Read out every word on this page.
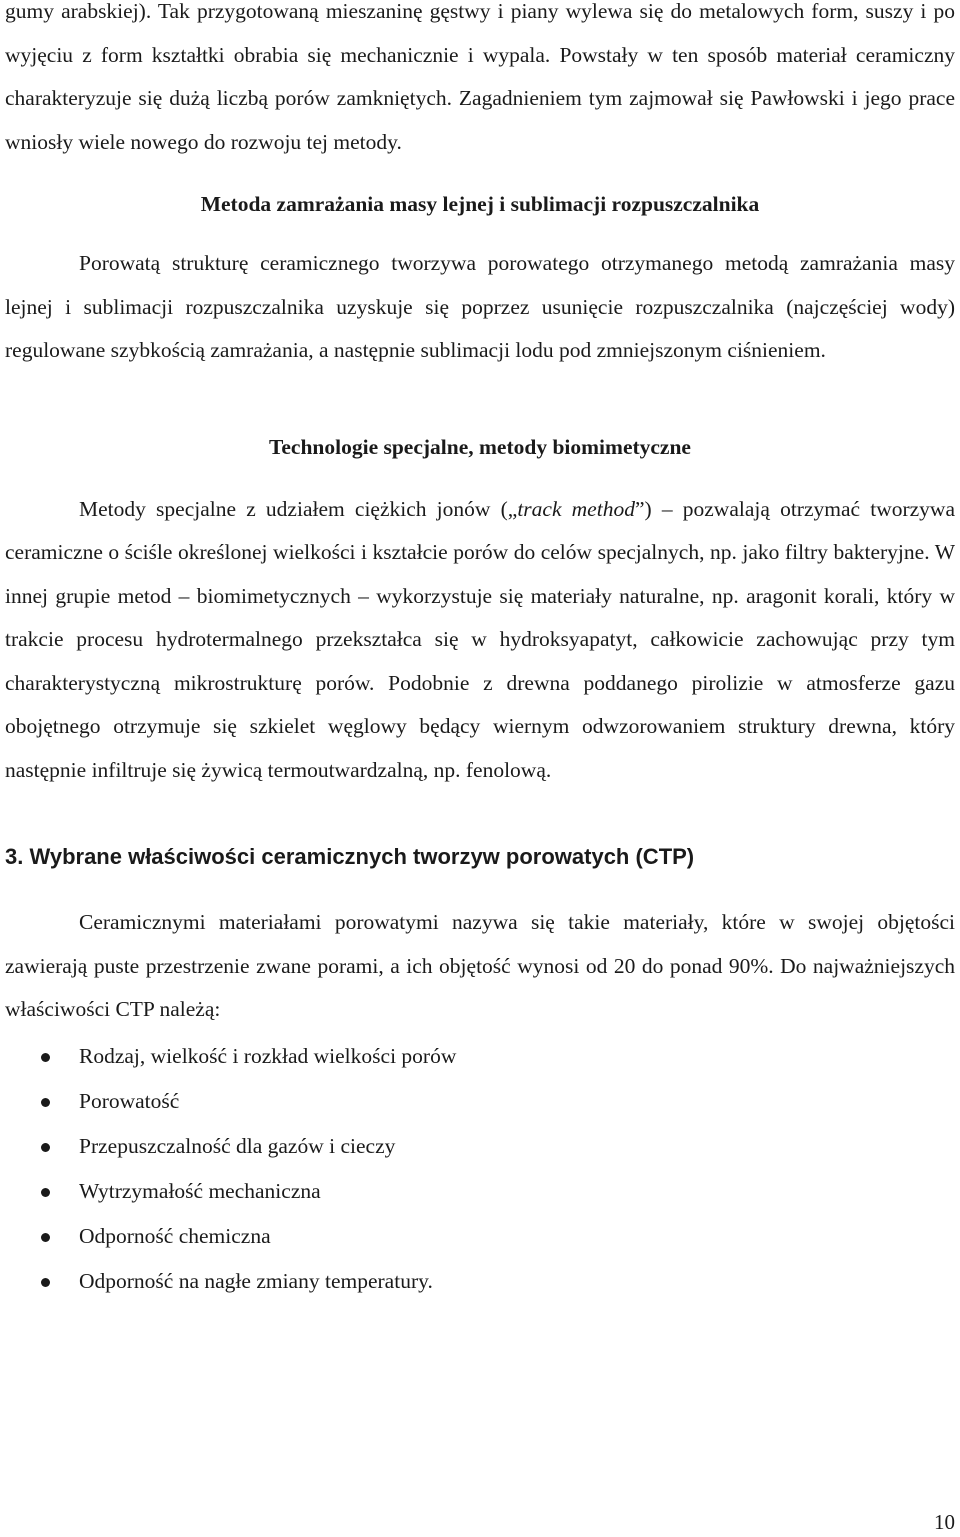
gumy arabskiej). Tak przygotowaną mieszaninę gęstwy i piany wylewa się do metalowych form, suszy i po wyjęciu z form kształtki obrabia się mechanicznie i wypala. Powstały w ten sposób materiał ceramiczny charakteryzuje się dużą liczbą porów zamkniętych. Zagadnieniem tym zajmował się Pawłowski i jego prace wniosły wiele nowego do rozwoju tej metody.

Metoda zamrażania masy lejnej i sublimacji rozpuszczalnika

Porowatą strukturę ceramicznego tworzywa porowatego otrzymanego metodą zamrażania masy lejnej i sublimacji rozpuszczalnika uzyskuje się poprzez usunięcie rozpuszczalnika (najczęściej wody) regulowane szybkością zamrażania, a następnie sublimacji lodu pod zmniejszonym ciśnieniem.

Technologie specjalne, metody biomimetyczne

Metody specjalne z udziałem ciężkich jonów („track method”) – pozwalają otrzymać tworzywa ceramiczne o ściśle określonej wielkości i kształcie porów do celów specjalnych, np. jako filtry bakteryjne. W innej grupie metod – biomimetycznych – wykorzystuje się materiały naturalne, np. aragonit korali, który w trakcie procesu hydrotermalnego przekształca się w hydroksyapatyt, całkowicie zachowując przy tym charakterystyczną mikrostrukturę porów. Podobnie z drewna poddanego pirolizie w atmosferze gazu obojętnego otrzymuje się szkielet węglowy będący wiernym odwzorowaniem struktury drewna, który następnie infiltruje się żywicą termoutwardzalną, np. fenolową.

3. Wybrane właściwości ceramicznych tworzyw porowatych (CTP)

Ceramicznymi materiałami porowatymi nazywa się takie materiały, które w swojej objętości zawierają puste przestrzenie zwane porami, a ich objętość wynosi od 20 do ponad 90%. Do najważniejszych właściwości CTP należą:

Rodzaj, wielkość i rozkład wielkości porów
Porowatość
Przepuszczalność dla gazów i cieczy
Wytrzymałość mechaniczna
Odporność chemiczna
Odporność na nagłe zmiany temperatury.
10
